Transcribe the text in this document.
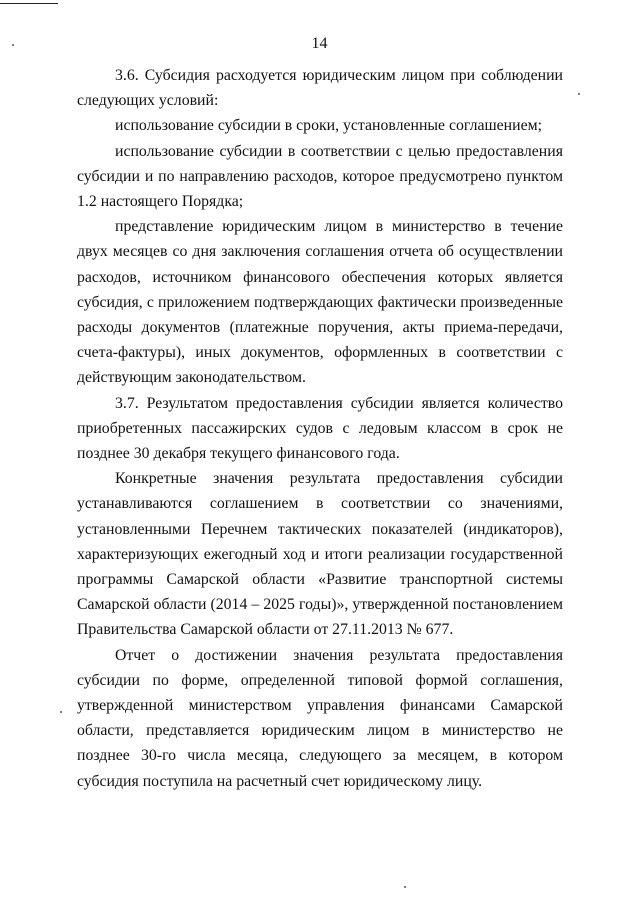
14

3.6. Субсидия расходуется юридическим лицом при соблюдении следующих условий:

использование субсидии в сроки, установленные соглашением;

использование субсидии в соответствии с целью предоставления субсидии и по направлению расходов, которое предусмотрено пунктом 1.2 настоящего Порядка;

представление юридическим лицом в министерство в течение двух месяцев со дня заключения соглашения отчета об осуществлении расходов, источником финансового обеспечения которых является субсидия, с приложением подтверждающих фактически произведенные расходы документов (платежные поручения, акты приема-передачи, счета-фактуры), иных документов, оформленных в соответствии с действующим законодательством.

3.7. Результатом предоставления субсидии является количество приобретенных пассажирских судов с ледовым классом в срок не позднее 30 декабря текущего финансового года.

Конкретные значения результата предоставления субсидии устанавливаются соглашением в соответствии со значениями, установленными Перечнем тактических показателей (индикаторов), характеризующих ежегодный ход и итоги реализации государственной программы Самарской области «Развитие транспортной системы Самарской области (2014 – 2025 годы)», утвержденной постановлением Правительства Самарской области от 27.11.2013 № 677.

Отчет о достижении значения результата предоставления субсидии по форме, определенной типовой формой соглашения, утвержденной министерством управления финансами Самарской области, представляется юридическим лицом в министерство не позднее 30-го числа месяца, следующего за месяцем, в котором субсидия поступила на расчетный счет юридическому лицу.
